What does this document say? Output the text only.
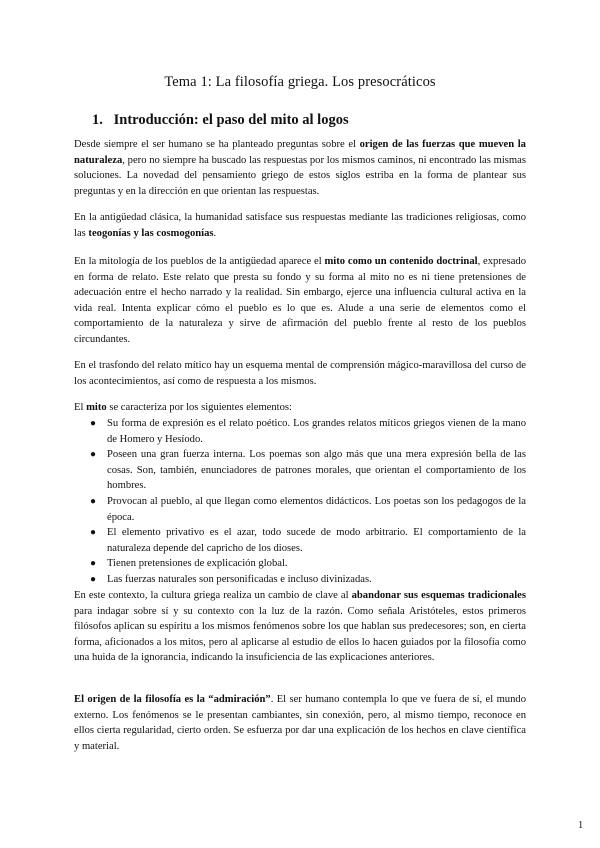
Tema 1: La filosofía griega. Los presocráticos
1. Introducción: el paso del mito al logos

Desde siempre el ser humano se ha planteado preguntas sobre el origen de las fuerzas que mueven la naturaleza, pero no siempre ha buscado las respuestas por los mismos caminos, ni encontrado las mismas soluciones. La novedad del pensamiento griego de estos siglos estriba en la forma de plantear sus preguntas y en la dirección en que orientan las respuestas.

En la antigüedad clásica, la humanidad satisface sus respuestas mediante las tradiciones religiosas, como las teogonías y las cosmogonías.

En la mitología de los pueblos de la antigüedad aparece el mito como un contenido doctrinal, expresado en forma de relato. Este relato que presta su fondo y su forma al mito no es ni tiene pretensiones de adecuación entre el hecho narrado y la realidad. Sin embargo, ejerce una influencia cultural activa en la vida real. Intenta explicar cómo el pueblo es lo que es. Alude a una serie de elementos como el comportamiento de la naturaleza y sirve de afirmación del pueblo frente al resto de los pueblos circundantes.

En el trasfondo del relato mítico hay un esquema mental de comprensión mágico-maravillosa del curso de los acontecimientos, así como de respuesta a los mismos.

El mito se caracteriza por los siguientes elementos:

● Su forma de expresión es el relato poético. Los grandes relatos míticos griegos vienen de la mano de Homero y Hesíodo.
● Poseen una gran fuerza interna. Los poemas son algo más que una mera expresión bella de las cosas. Son, también, enunciadores de patrones morales, que orientan el comportamiento de los hombres.
● Provocan al pueblo, al que llegan como elementos didácticos. Los poetas son los pedagogos de la época.
● El elemento privativo es el azar, todo sucede de modo arbitrario. El comportamiento de la naturaleza depende del capricho de los dioses.
● Tienen pretensiones de explicación global.
● Las fuerzas naturales son personificadas e incluso divinizadas.

En este contexto, la cultura griega realiza un cambio de clave al abandonar sus esquemas tradicionales para indagar sobre sí y su contexto con la luz de la razón. Como señala Aristóteles, estos primeros filósofos aplican su espíritu a los mismos fenómenos sobre los que hablan sus predecesores; son, en cierta forma, aficionados a los mitos, pero al aplicarse al estudio de ellos lo hacen guiados por la filosofía como una huida de la ignorancia, indicando la insuficiencia de las explicaciones anteriores.

El origen de la filosofía es la “admiración”. El ser humano contempla lo que ve fuera de sí, el mundo externo. Los fenómenos se le presentan cambiantes, sin conexión, pero, al mismo tiempo, reconoce en ellos cierta regularidad, cierto orden. Se esfuerza por dar una explicación de los hechos en clave científica y material.

1
